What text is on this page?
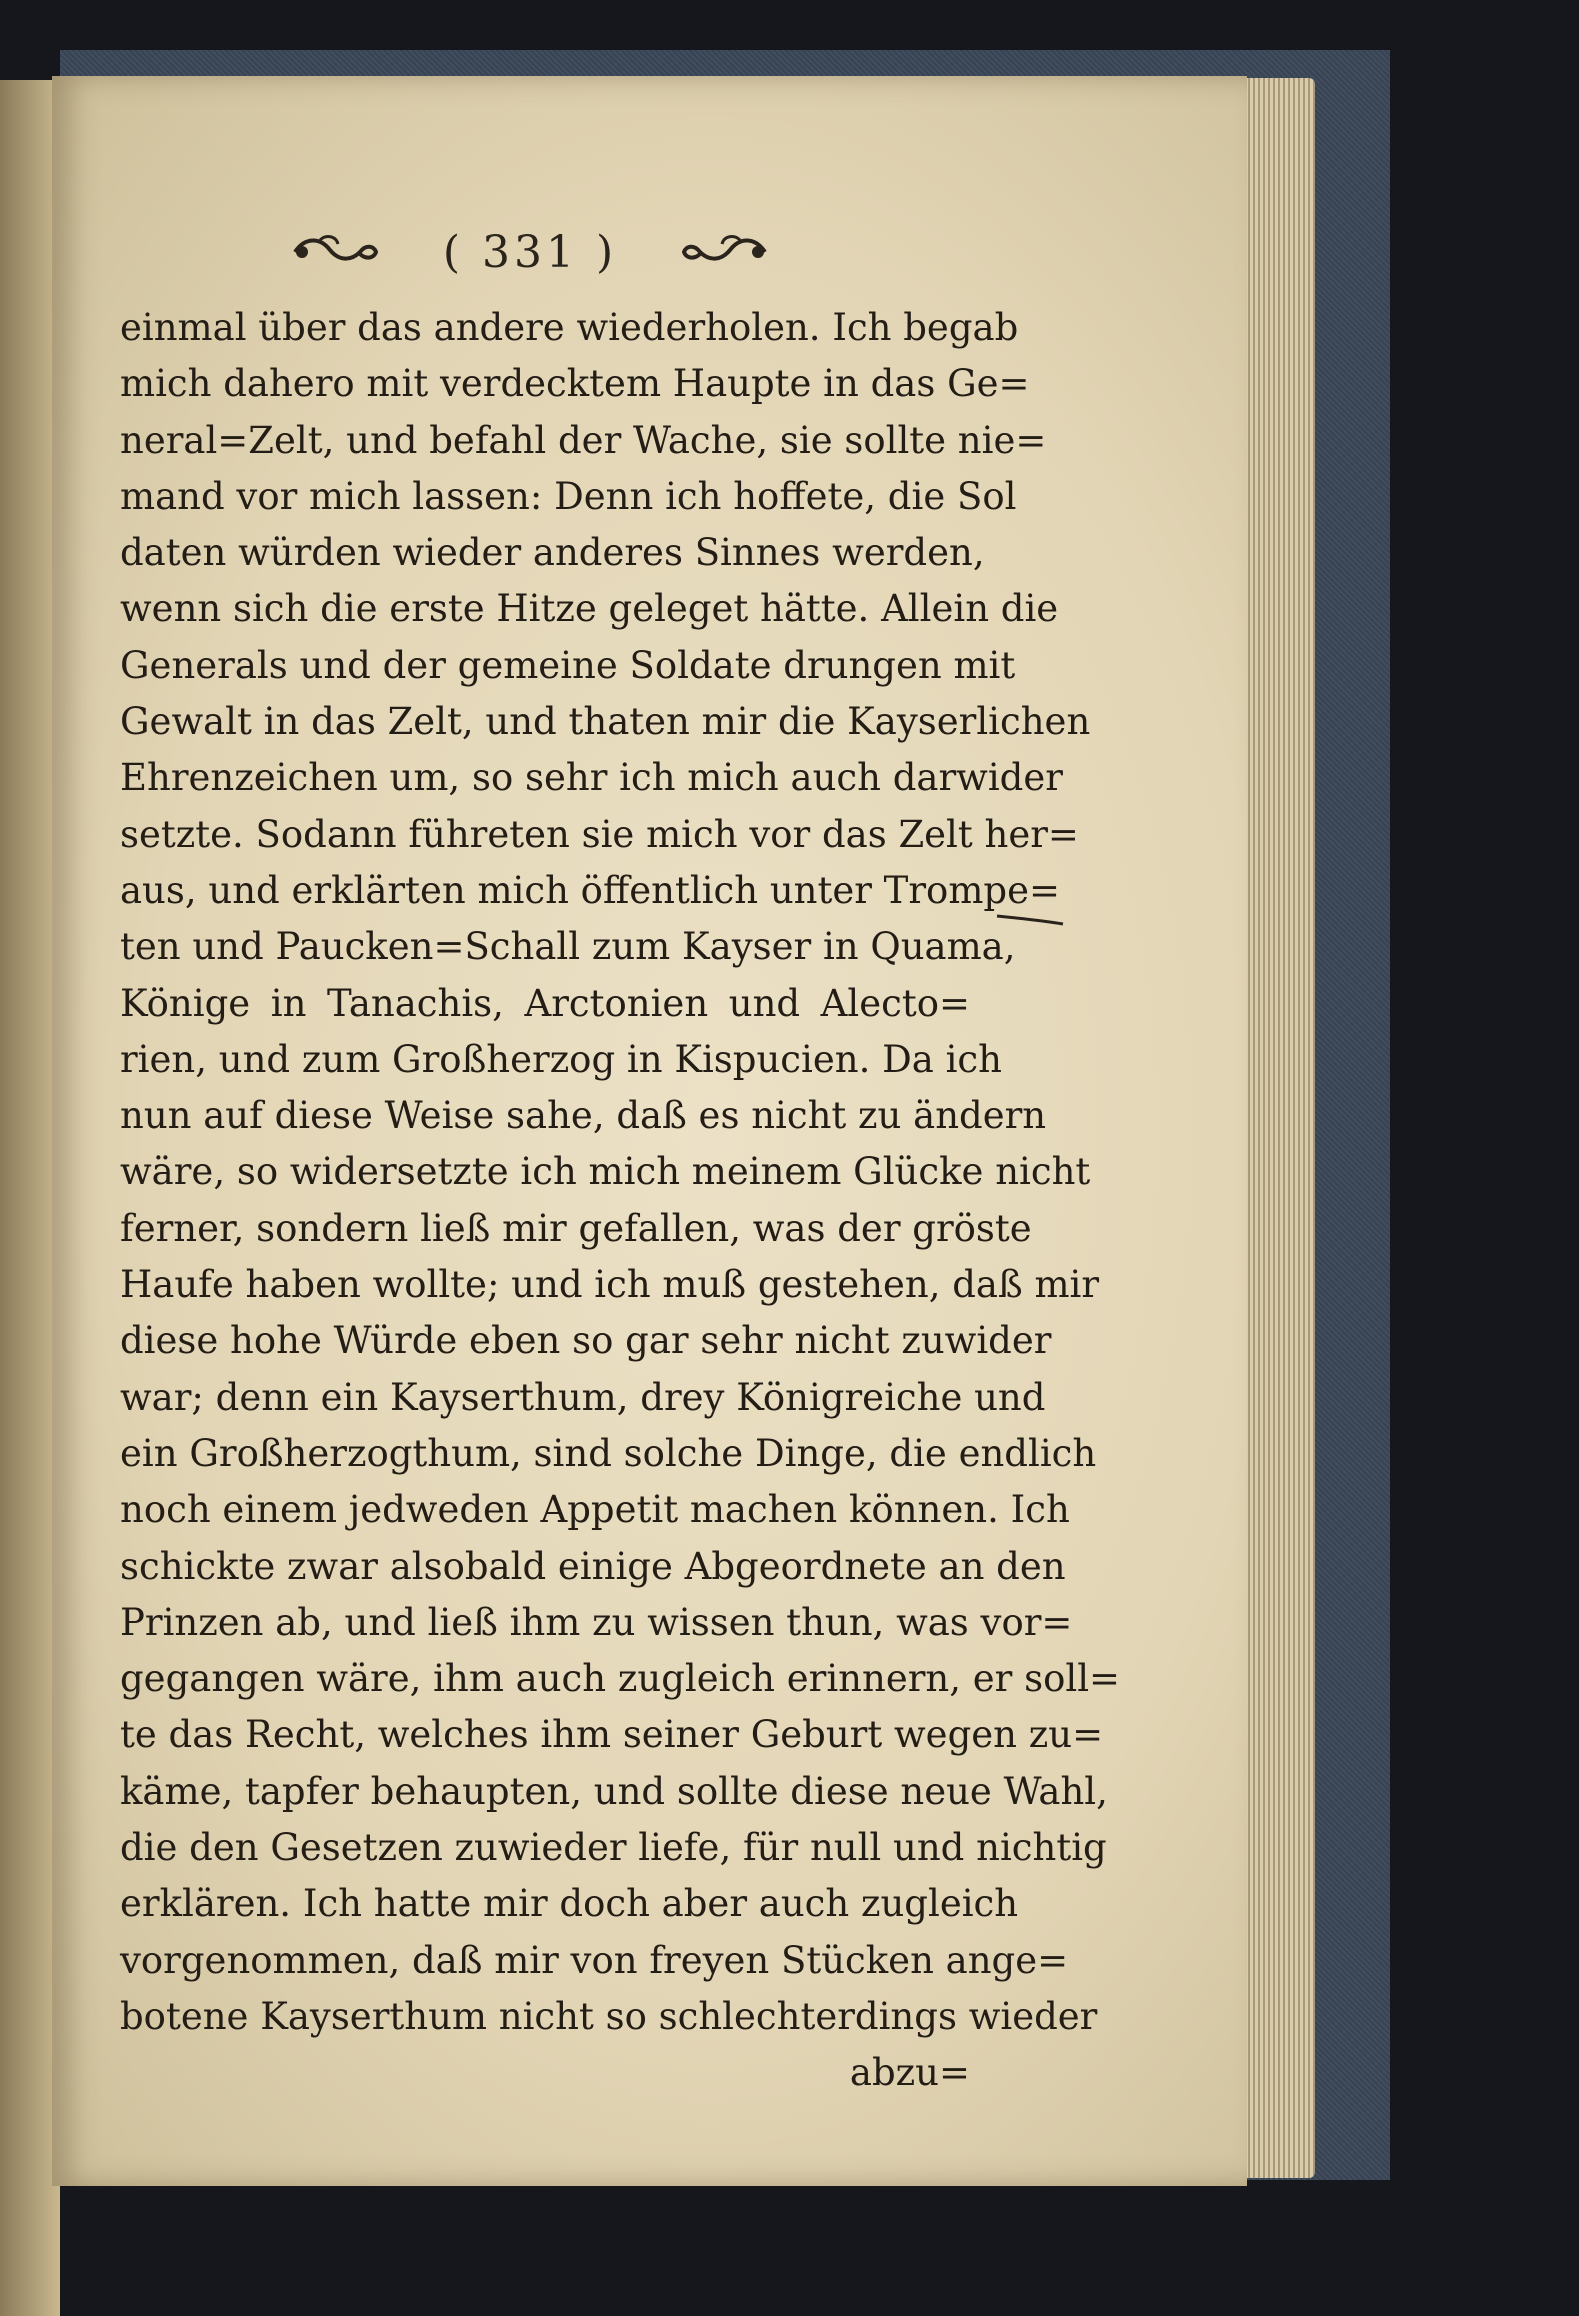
( 331 )
einmal über das andere wiederholen. Ich begab
mich dahero mit verdecktem Haupte in das Ge=
neral=Zelt, und befahl der Wache, sie sollte nie=
mand vor mich lassen: Denn ich hoffete, die Sol
daten würden wieder anderes Sinnes werden,
wenn sich die erste Hitze geleget hätte. Allein die
Generals und der gemeine Soldate drungen mit
Gewalt in das Zelt, und thaten mir die Kayserlichen
Ehrenzeichen um, so sehr ich mich auch darwider
setzte. Sodann führeten sie mich vor das Zelt her=
aus, und erklärten mich öffentlich unter Trompe=
ten und Paucken=Schall zum Kayser in Quama,
Könige in Tanachis, Arctonien und Alecto=
rien, und zum Großherzog in Kispucien. Da ich
nun auf diese Weise sahe, daß es nicht zu ändern
wäre, so widersetzte ich mich meinem Glücke nicht
ferner, sondern ließ mir gefallen, was der gröste
Haufe haben wollte; und ich muß gestehen, daß mir
diese hohe Würde eben so gar sehr nicht zuwider
war; denn ein Kayserthum, drey Königreiche und
ein Großherzogthum, sind solche Dinge, die endlich
noch einem jedweden Appetit machen können. Ich
schickte zwar alsobald einige Abgeordnete an den
Prinzen ab, und ließ ihm zu wissen thun, was vor=
gegangen wäre, ihm auch zugleich erinnern, er soll=
te das Recht, welches ihm seiner Geburt wegen zu=
käme, tapfer behaupten, und sollte diese neue Wahl,
die den Gesetzen zuwieder liefe, für null und nichtig
erklären. Ich hatte mir doch aber auch zugleich
vorgenommen, daß mir von freyen Stücken ange=
botene Kayserthum nicht so schlechterdings wieder
abzu=
